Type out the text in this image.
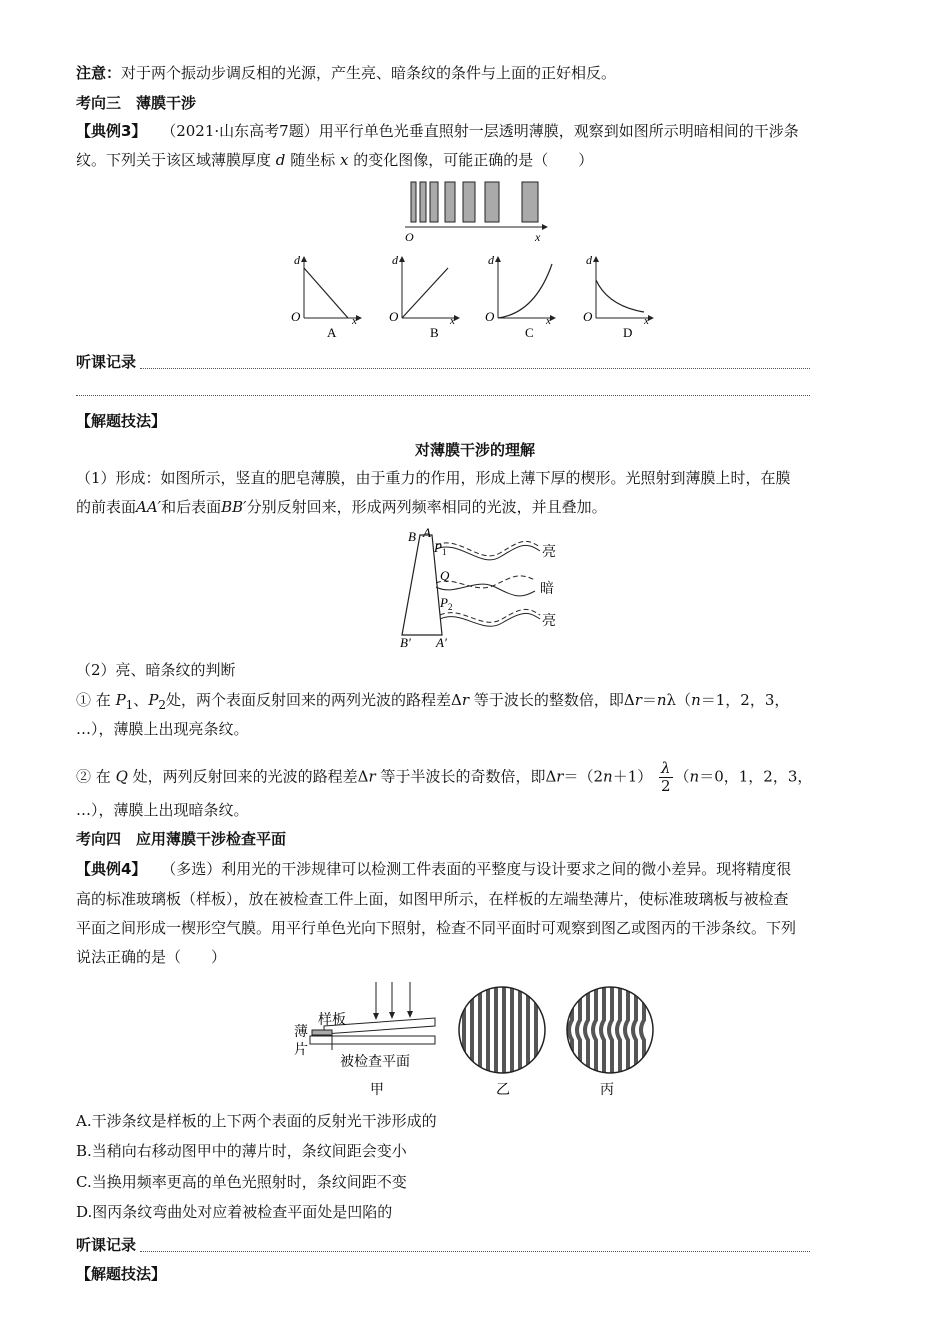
注意：对于两个振动步调反相的光源，产生亮、暗条纹的条件与上面的正好相反。
考向三　薄膜干涉
【典例3】 （2021·山东高考7题）用平行单色光垂直照射一层透明薄膜，观察到如图所示明暗相间的干涉条
纹。下列关于该区域薄膜厚度 d 随坐标 x 的变化图像，可能正确的是（　　）
O	x
d
O	x
A
d
O	x
B
d
O	x
C
d
O	x
D
听课记录
【解题技法】
对薄膜干涉的理解
（1）形成：如图所示，竖直的肥皂薄膜，由于重力的作用，形成上薄下厚的楔形。光照射到薄膜上时，在膜
的前表面AA′和后表面BB′分别反射回来，形成两列频率相同的光波，并且叠加。
B A
$P_1$
Q
$P_2$
B′ A′
亮
暗
亮
（2）亮、暗条纹的判断
① 在 $P_1$、$P_2$处，两个表面反射回来的两列光波的路程差Δr 等于波长的整数倍，即Δr＝nλ（n＝1，2，3，
…），薄膜上出现亮条纹。
② 在 Q 处，两列反射回来的光波的路程差Δr 等于半波长的奇数倍，即$\Delta r=(2n+1) \frac{\lambda}{2} (n=0$，1，2，3，
…），薄膜上出现暗条纹。
考向四　应用薄膜干涉检查平面
【典例4】 （多选）利用光的干涉规律可以检测工件表面的平整度与设计要求之间的微小差异。现将精度很
高的标准玻璃板（样板），放在被检查工件上面，如图甲所示，在样板的左端垫薄片，使标准玻璃板与被检查
平面之间形成一楔形空气膜。用平行单色光向下照射，检查不同平面时可观察到图乙或图丙的干涉条纹。下列
说法正确的是（　　）
样板
薄
片
被检查平面
甲	乙	丙
A.干涉条纹是样板的上下两个表面的反射光干涉形成的
B.当稍向右移动图甲中的薄片时，条纹间距会变小
C.当换用频率更高的单色光照射时，条纹间距不变
D.图丙条纹弯曲处对应着被检查平面处是凹陷的
听课记录
【解题技法】
